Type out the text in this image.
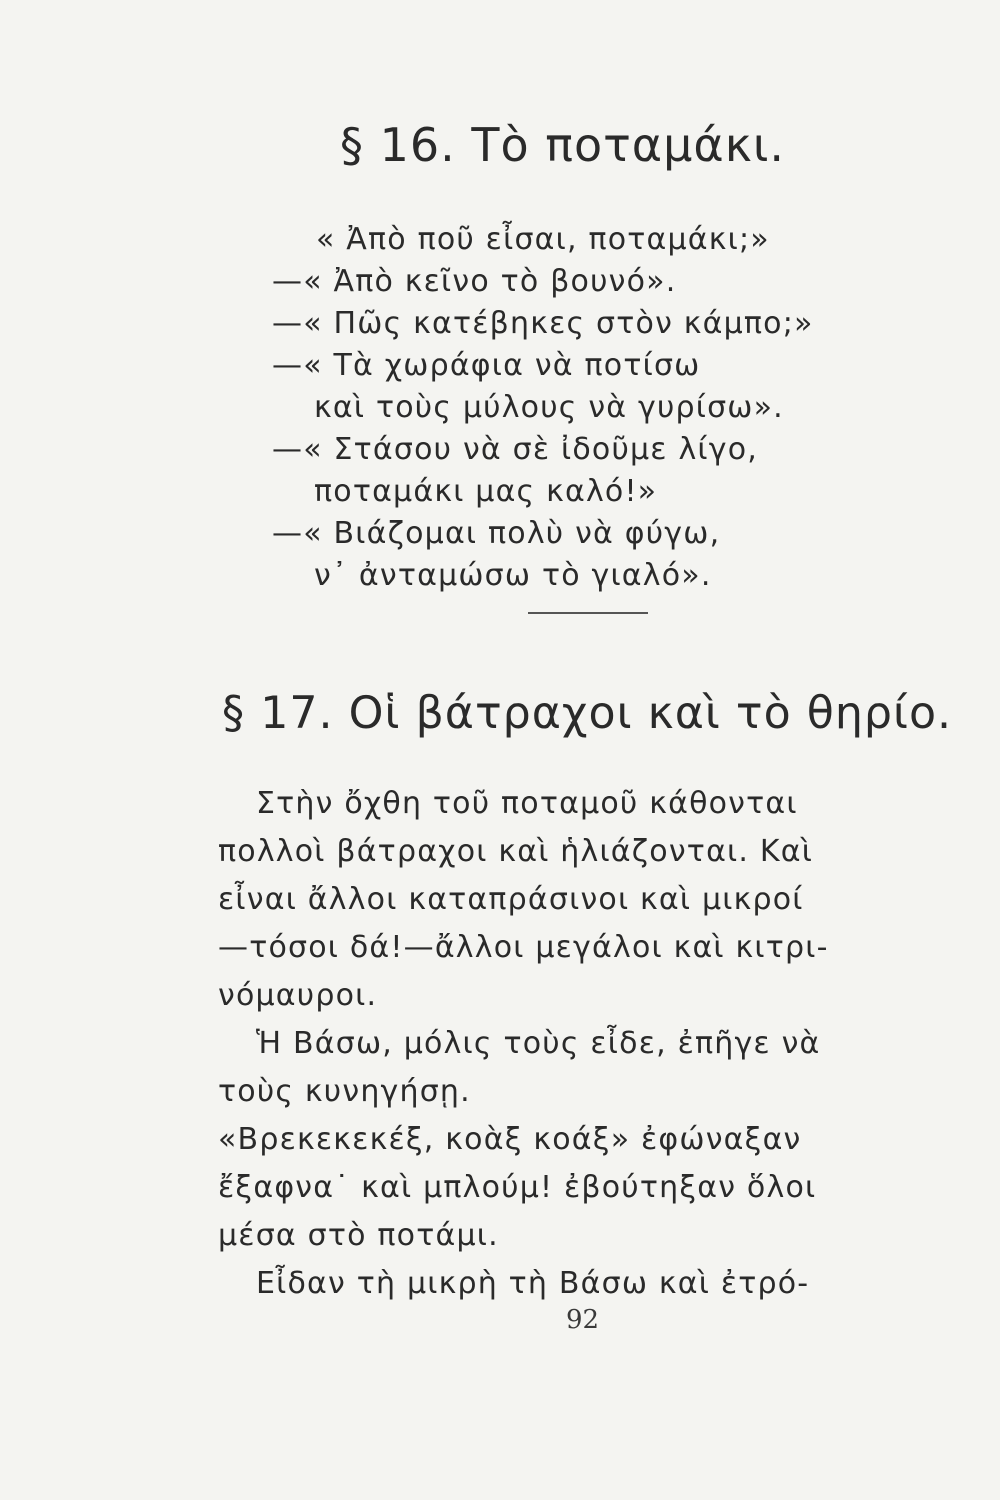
§ 16. Τὸ ποταμάκι.
« Ἀπὸ ποῦ εἶσαι, ποταμάκι;»
—« Ἀπὸ κεῖνο τὸ βουνό».
—« Πῶς κατέβηκες στὸν κάμπο;»
—« Τὰ χωράφια νὰ ποτίσω
καὶ τοὺς μύλους νὰ γυρίσω».
—« Στάσου νὰ σὲ ἰδοῦμε λίγο,
ποταμάκι μας καλό!»
—« Βιάζομαι πολὺ νὰ φύγω,
ν᾽ ἀνταμώσω τὸ γιαλό».
§ 17. Οἱ βάτραχοι καὶ τὸ θηρίο.
Στὴν ὄχθη τοῦ ποταμοῦ κάθονται
πολλοὶ βάτραχοι καὶ ἡλιάζονται. Καὶ
εἶναι ἄλλοι καταπράσινοι καὶ μικροί
—τόσοι δά!—ἄλλοι μεγάλοι καὶ κιτρι-
νόμαυροι.
Ἡ Βάσω, μόλις τοὺς εἶδε, ἐπῆγε νὰ
τοὺς κυνηγήσῃ.
«Βρεκεκεκέξ, κοὰξ κοάξ» ἐφώναξαν
ἔξαφνα˙ καὶ μπλούμ! ἐβούτηξαν ὅλοι
μέσα στὸ ποτάμι.
Εἶδαν τὴ μικρὴ τὴ Βάσω καὶ ἐτρό-
92
